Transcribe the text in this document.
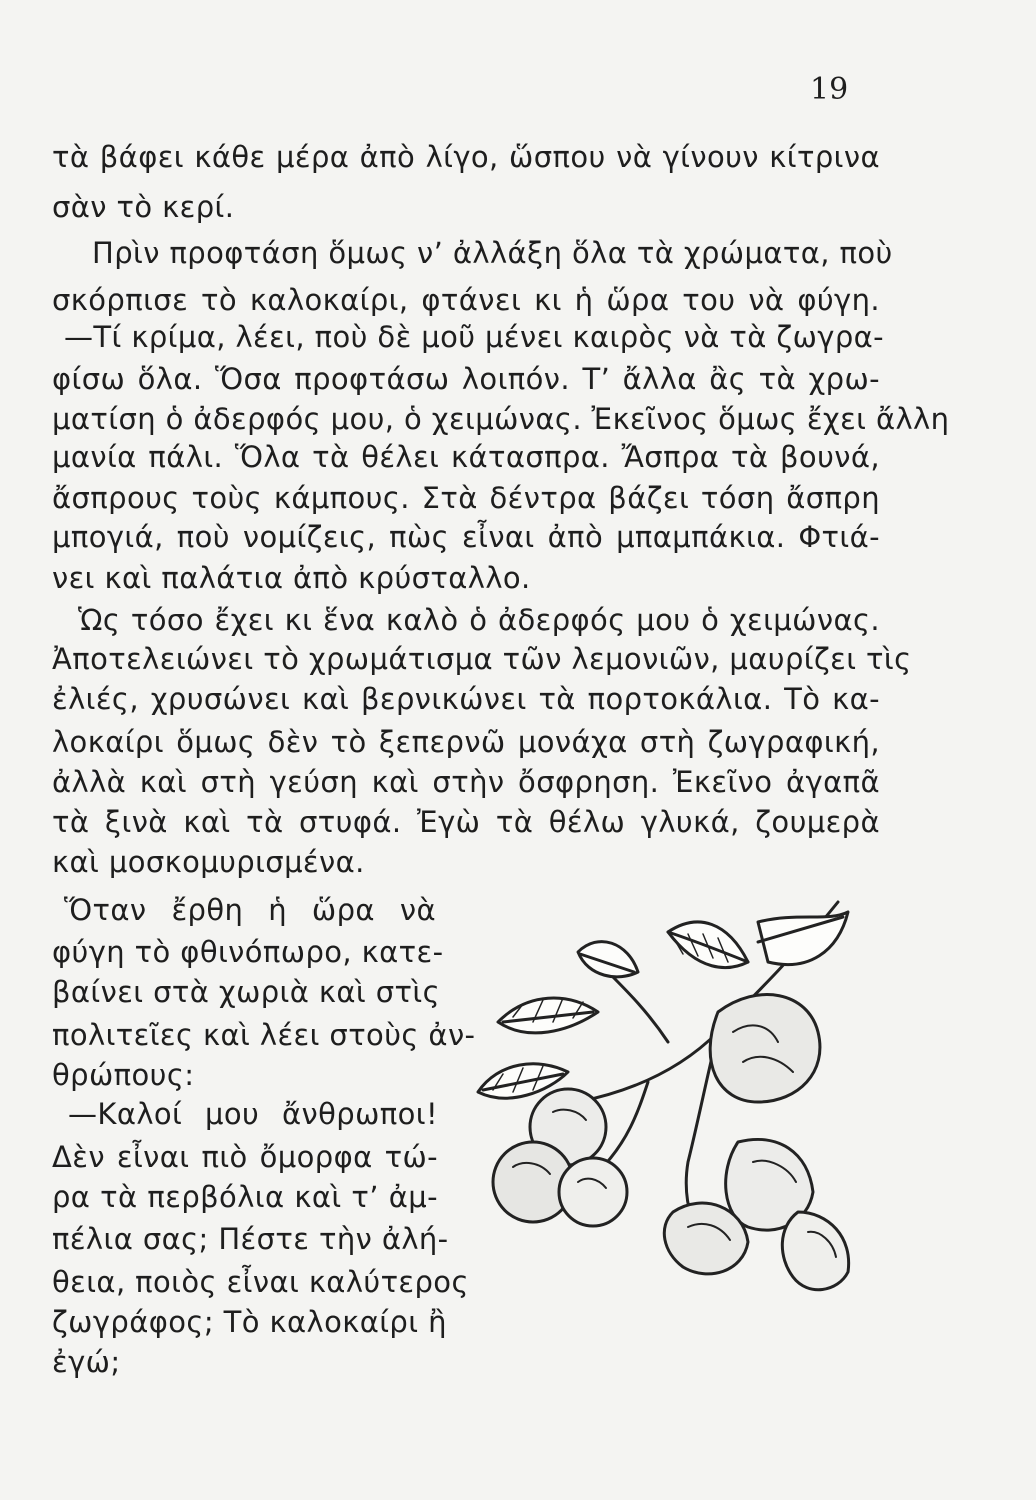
19
τὰ βάφει κάθε μέρα ἀπὸ λίγο, ὥσπου νὰ γίνουν κίτρινα
σὰν τὸ κερί.
Πρὶν προφτάση ὅμως ν’ ἀλλάξη ὅλα τὰ χρώματα, ποὺ
σκόρπισε τὸ καλοκαίρι, φτάνει κι ἡ ὥρα του νὰ φύγη.
—Τί κρίμα, λέει, ποὺ δὲ μοῦ μένει καιρὸς νὰ τὰ ζωγρα-
φίσω ὅλα. Ὅσα προφτάσω λοιπόν. Τ’ ἄλλα ἂς τὰ χρω-
ματίση ὁ ἀδερφός μου, ὁ χειμώνας. Ἐκεῖνος ὅμως ἔχει ἄλλη
μανία πάλι. Ὅλα τὰ θέλει κάτασπρα. Ἄσπρα τὰ βουνά,
ἄσπρους τοὺς κάμπους. Στὰ δέντρα βάζει τόση ἄσπρη
μπογιά, ποὺ νομίζεις, πὼς εἶναι ἀπὸ μπαμπάκια. Φτιά-
νει καὶ παλάτια ἀπὸ κρύσταλλο.
Ὡς τόσο ἔχει κι ἕνα καλὸ ὁ ἀδερφός μου ὁ χειμώνας.
Ἀποτελειώνει τὸ χρωμάτισμα τῶν λεμονιῶν, μαυρίζει τὶς
ἐλιές, χρυσώνει καὶ βερνικώνει τὰ πορτοκάλια. Τὸ κα-
λοκαίρι ὅμως δὲν τὸ ξεπερνῶ μονάχα στὴ ζωγραφική,
ἀλλὰ καὶ στὴ γεύση καὶ στὴν ὄσφρηση. Ἐκεῖνο ἀγαπᾶ
τὰ ξινὰ καὶ τὰ στυφά. Ἐγὼ τὰ θέλω γλυκά, ζουμερὰ
καὶ μοσκομυρισμένα.
Ὅταν ἔρθη ἡ ὥρα νὰ
φύγη τὸ φθινόπωρο, κατε-
βαίνει στὰ χωριὰ καὶ στὶς
πολιτεῖες καὶ λέει στοὺς ἀν-
θρώπους:
—Καλοί μου ἄνθρωποι!
Δὲν εἶναι πιὸ ὄμορφα τώ-
ρα τὰ περβόλια καὶ τ’ ἀμ-
πέλια σας; Πέστε τὴν ἀλή-
θεια, ποιὸς εἶναι καλύτερος
ζωγράφος; Τὸ καλοκαίρι ἢ
ἐγώ;
